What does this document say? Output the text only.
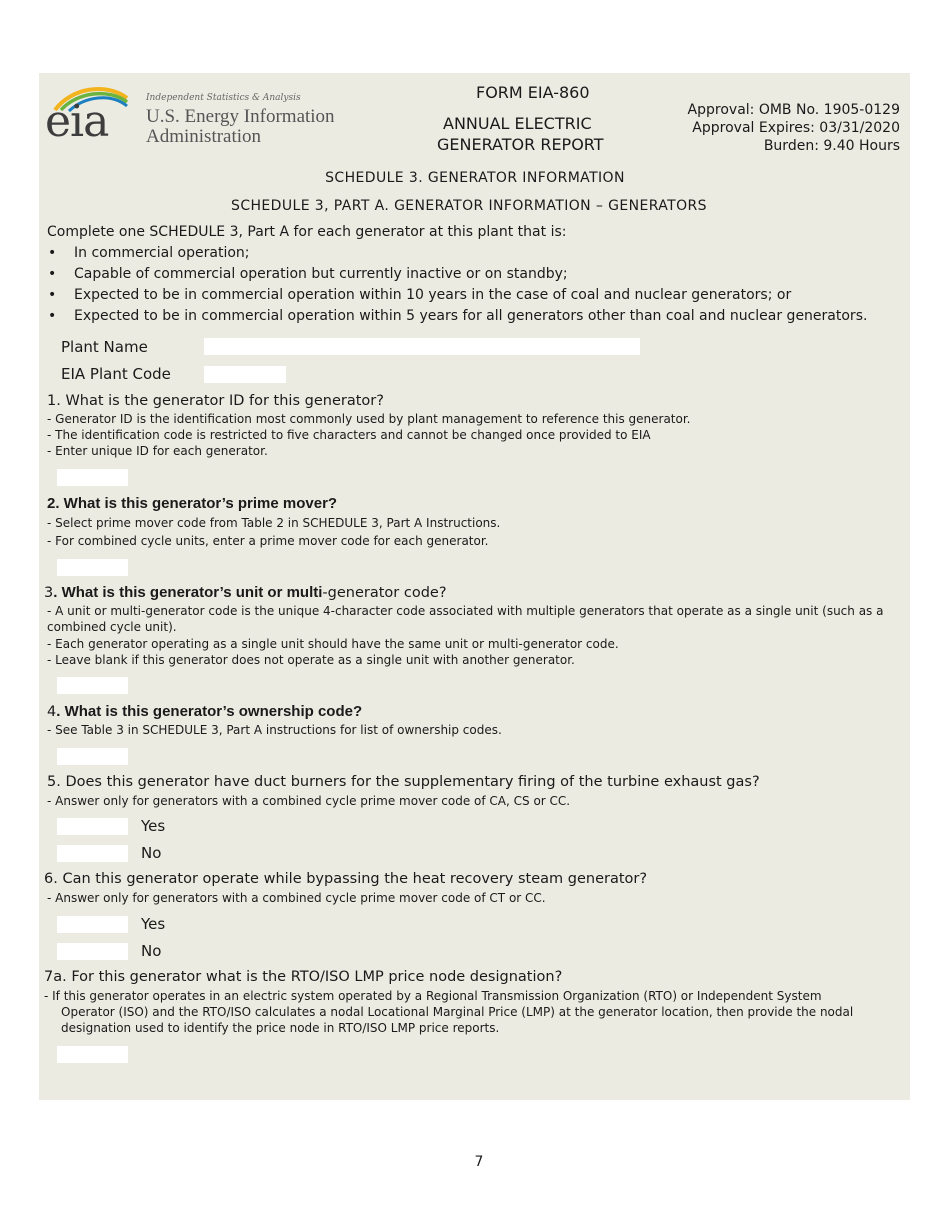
eia	Independent Statistics & Analysis
U.S. Energy Information
Administration
FORM EIA-860
ANNUAL ELECTRIC
GENERATOR REPORT
Approval: OMB No. 1905-0129
Approval Expires: 03/31/2020
Burden: 9.40 Hours
SCHEDULE 3. GENERATOR INFORMATION
SCHEDULE 3, PART A. GENERATOR INFORMATION – GENERATORS
Complete one SCHEDULE 3, Part A for each generator at this plant that is:
• In commercial operation;
• Capable of commercial operation but currently inactive or on standby;
• Expected to be in commercial operation within 10 years in the case of coal and nuclear generators; or
• Expected to be in commercial operation within 5 years for all generators other than coal and nuclear generators.
Plant Name
EIA Plant Code
1. What is the generator ID for this generator?
- Generator ID is the identification most commonly used by plant management to reference this generator.
- The identification code is restricted to five characters and cannot be changed once provided to EIA
- Enter unique ID for each generator.
2. What is this generator’s prime mover?
- Select prime mover code from Table 2 in SCHEDULE 3, Part A Instructions.
- For combined cycle units, enter a prime mover code for each generator.
3. What is this generator’s unit or multi-generator code?
- A unit or multi-generator code is the unique 4-character code associated with multiple generators that operate as a single unit (such as a
combined cycle unit).
- Each generator operating as a single unit should have the same unit or multi-generator code.
- Leave blank if this generator does not operate as a single unit with another generator.
4. What is this generator’s ownership code?
- See Table 3 in SCHEDULE 3, Part A instructions for list of ownership codes.
5. Does this generator have duct burners for the supplementary firing of the turbine exhaust gas?
- Answer only for generators with a combined cycle prime mover code of CA, CS or CC.
Yes
No
6. Can this generator operate while bypassing the heat recovery steam generator?
- Answer only for generators with a combined cycle prime mover code of CT or CC.
Yes
No
7a. For this generator what is the RTO/ISO LMP price node designation?
- If this generator operates in an electric system operated by a Regional Transmission Organization (RTO) or Independent System
Operator (ISO) and the RTO/ISO calculates a nodal Locational Marginal Price (LMP) at the generator location, then provide the nodal
designation used to identify the price node in RTO/ISO LMP price reports.
7
